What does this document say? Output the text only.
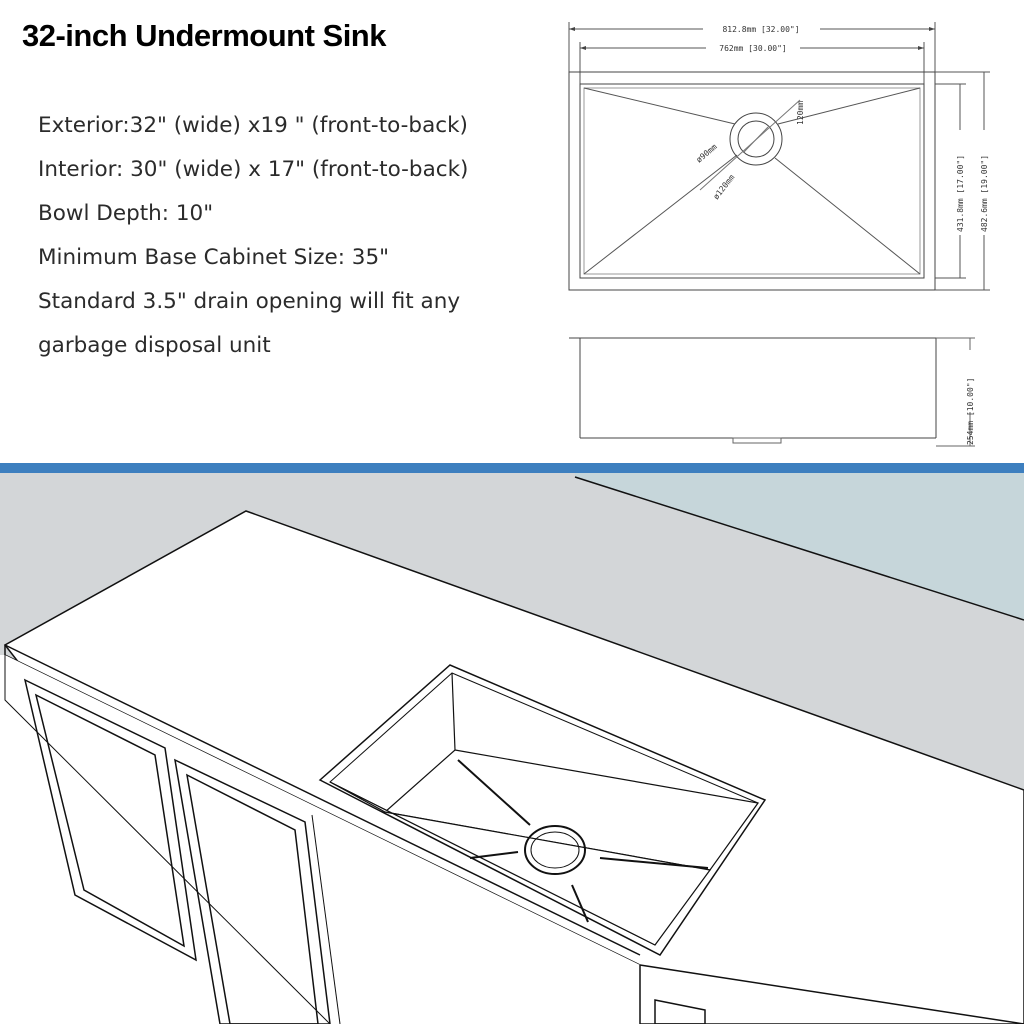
32-inch Undermount Sink
Exterior:32" (wide) x19 " (front-to-back)
Interior: 30" (wide) x 17" (front-to-back)
Bowl Depth: 10"
Minimum Base Cabinet Size: 35"
Standard 3.5" drain opening will fit any
garbage disposal unit
812.8mm [32.00"]
762mm [30.00"]
120mm
ø90mm
ø120mm	431.8mm [17.00"] 482.6mm [19.00"]
254mm [10.00"]
